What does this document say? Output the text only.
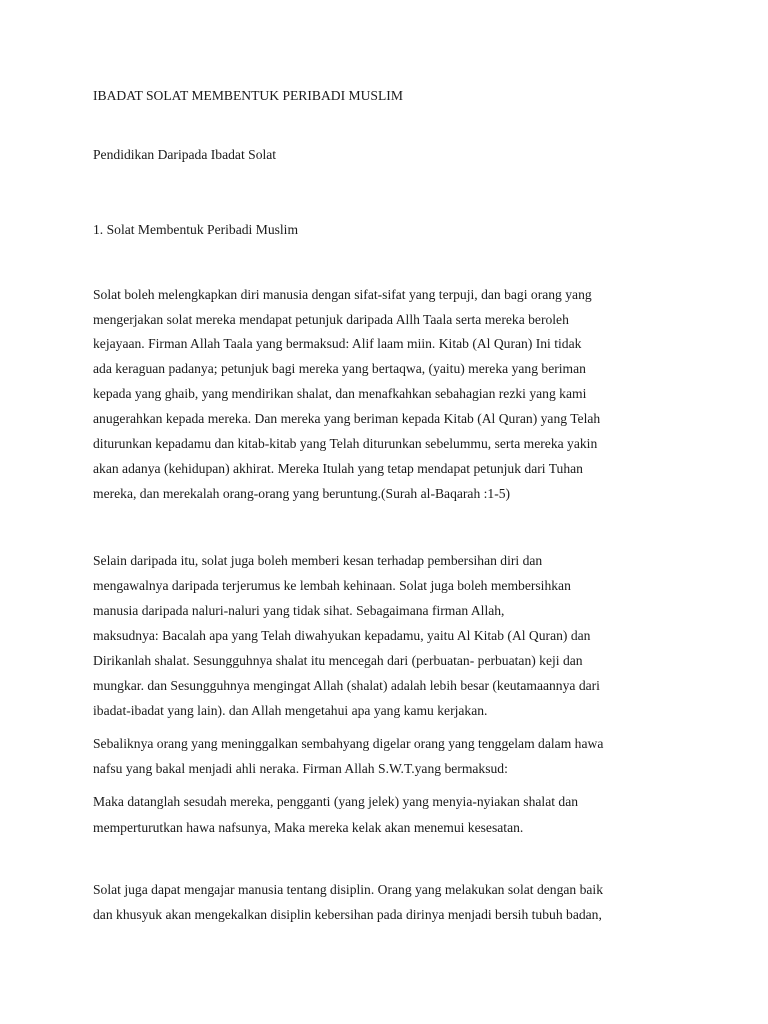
IBADAT SOLAT MEMBENTUK PERIBADI MUSLIM
Pendidikan Daripada Ibadat Solat
1. Solat Membentuk Peribadi Muslim
Solat boleh melengkapkan diri manusia dengan sifat-sifat yang terpuji, dan bagi orang yang
mengerjakan solat mereka mendapat petunjuk daripada Allh Taala serta mereka beroleh
kejayaan. Firman Allah Taala yang bermaksud: Alif laam miin. Kitab (Al Quran) Ini tidak
ada keraguan padanya; petunjuk bagi mereka yang bertaqwa, (yaitu) mereka yang beriman
kepada yang ghaib, yang mendirikan shalat, dan menafkahkan sebahagian rezki yang kami
anugerahkan kepada mereka. Dan mereka yang beriman kepada Kitab (Al Quran) yang Telah
diturunkan kepadamu dan kitab-kitab yang Telah diturunkan sebelummu, serta mereka yakin
akan adanya (kehidupan) akhirat. Mereka Itulah yang tetap mendapat petunjuk dari Tuhan
mereka, dan merekalah orang-orang yang beruntung.(Surah al-Baqarah :1-5)
Selain daripada itu, solat juga boleh memberi kesan terhadap pembersihan diri dan
mengawalnya daripada terjerumus ke lembah kehinaan. Solat juga boleh membersihkan
manusia daripada naluri-naluri yang tidak sihat. Sebagaimana firman Allah,
maksudnya: Bacalah apa yang Telah diwahyukan kepadamu, yaitu Al Kitab (Al Quran) dan
Dirikanlah shalat. Sesungguhnya shalat itu mencegah dari (perbuatan- perbuatan) keji dan
mungkar. dan Sesungguhnya mengingat Allah (shalat) adalah lebih besar (keutamaannya dari
ibadat-ibadat yang lain). dan Allah mengetahui apa yang kamu kerjakan.
Sebaliknya orang yang meninggalkan sembahyang digelar orang yang tenggelam dalam hawa
nafsu yang bakal menjadi ahli neraka. Firman Allah S.W.T.yang bermaksud:
Maka datanglah sesudah mereka, pengganti (yang jelek) yang menyia-nyiakan shalat dan
memperturutkan hawa nafsunya, Maka mereka kelak akan menemui kesesatan.
Solat juga dapat mengajar manusia tentang disiplin. Orang yang melakukan solat dengan baik
dan khusyuk akan mengekalkan disiplin kebersihan pada dirinya menjadi bersih tubuh badan,
